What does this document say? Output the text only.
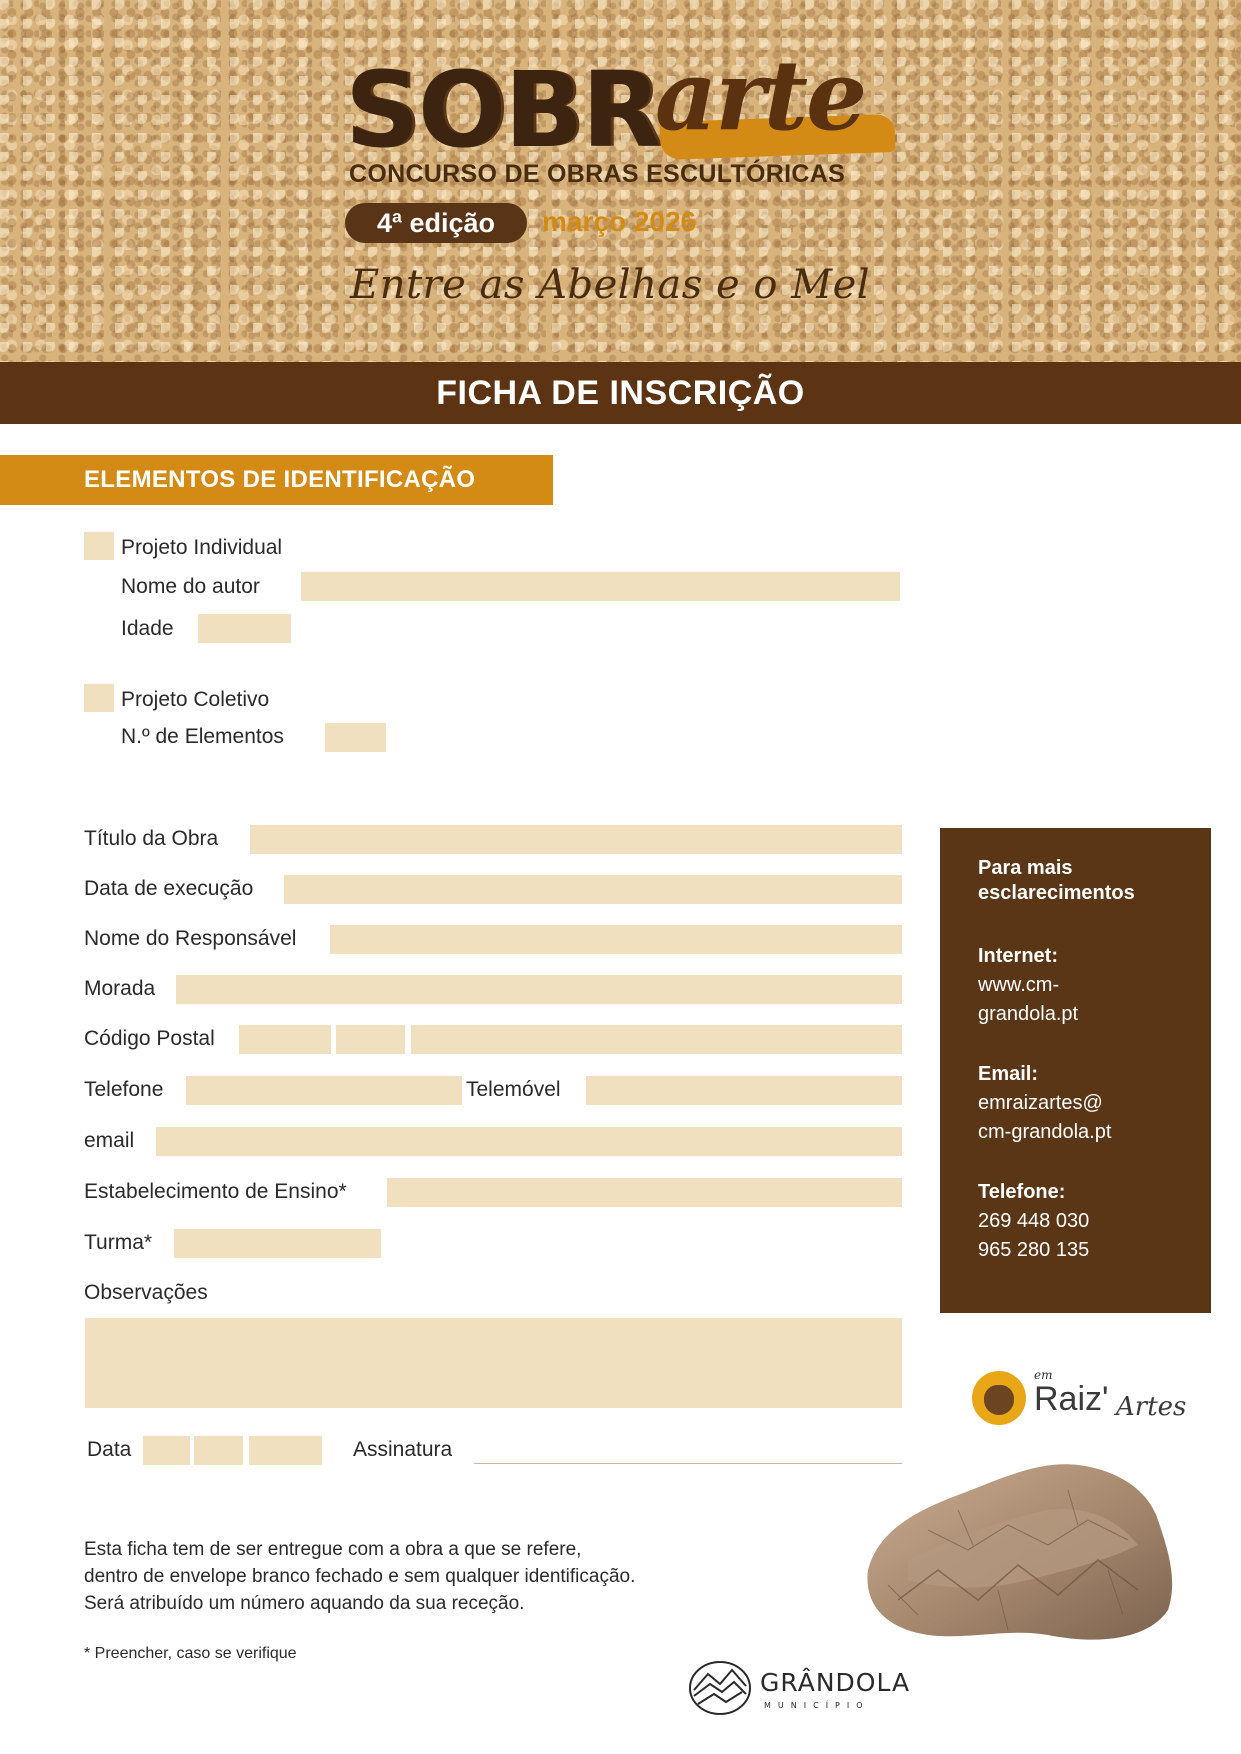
SOBR
arte
CONCURSO DE OBRAS ESCULTÓRICAS
4ª edição	março 2026
Entre as Abelhas e o Mel
FICHA DE INSCRIÇÃO
ELEMENTOS DE IDENTIFICAÇÃO
Projeto Individual
Nome do autor
Idade
Projeto Coletivo
N.º de Elementos
Título da Obra
Data de execução
Nome do Responsável
Morada
Código Postal
Telefone	Telemóvel
email
Estabelecimento de Ensino*
Turma*
Observações
Data	Assinatura
Para mais
esclarecimentos
Internet:
www.cm-
grandola.pt
Email:
emraizartes@
cm-grandola.pt
Telefone:
269 448 030
965 280 135
em
Raiz' Artes
Esta ficha tem de ser entregue com a obra a que se refere,
dentro de envelope branco fechado e sem qualquer identificação.
Será atribuído um número aquando da sua receção.
* Preencher, caso se verifique
GRÂNDOLA
MUNICÍPIO
